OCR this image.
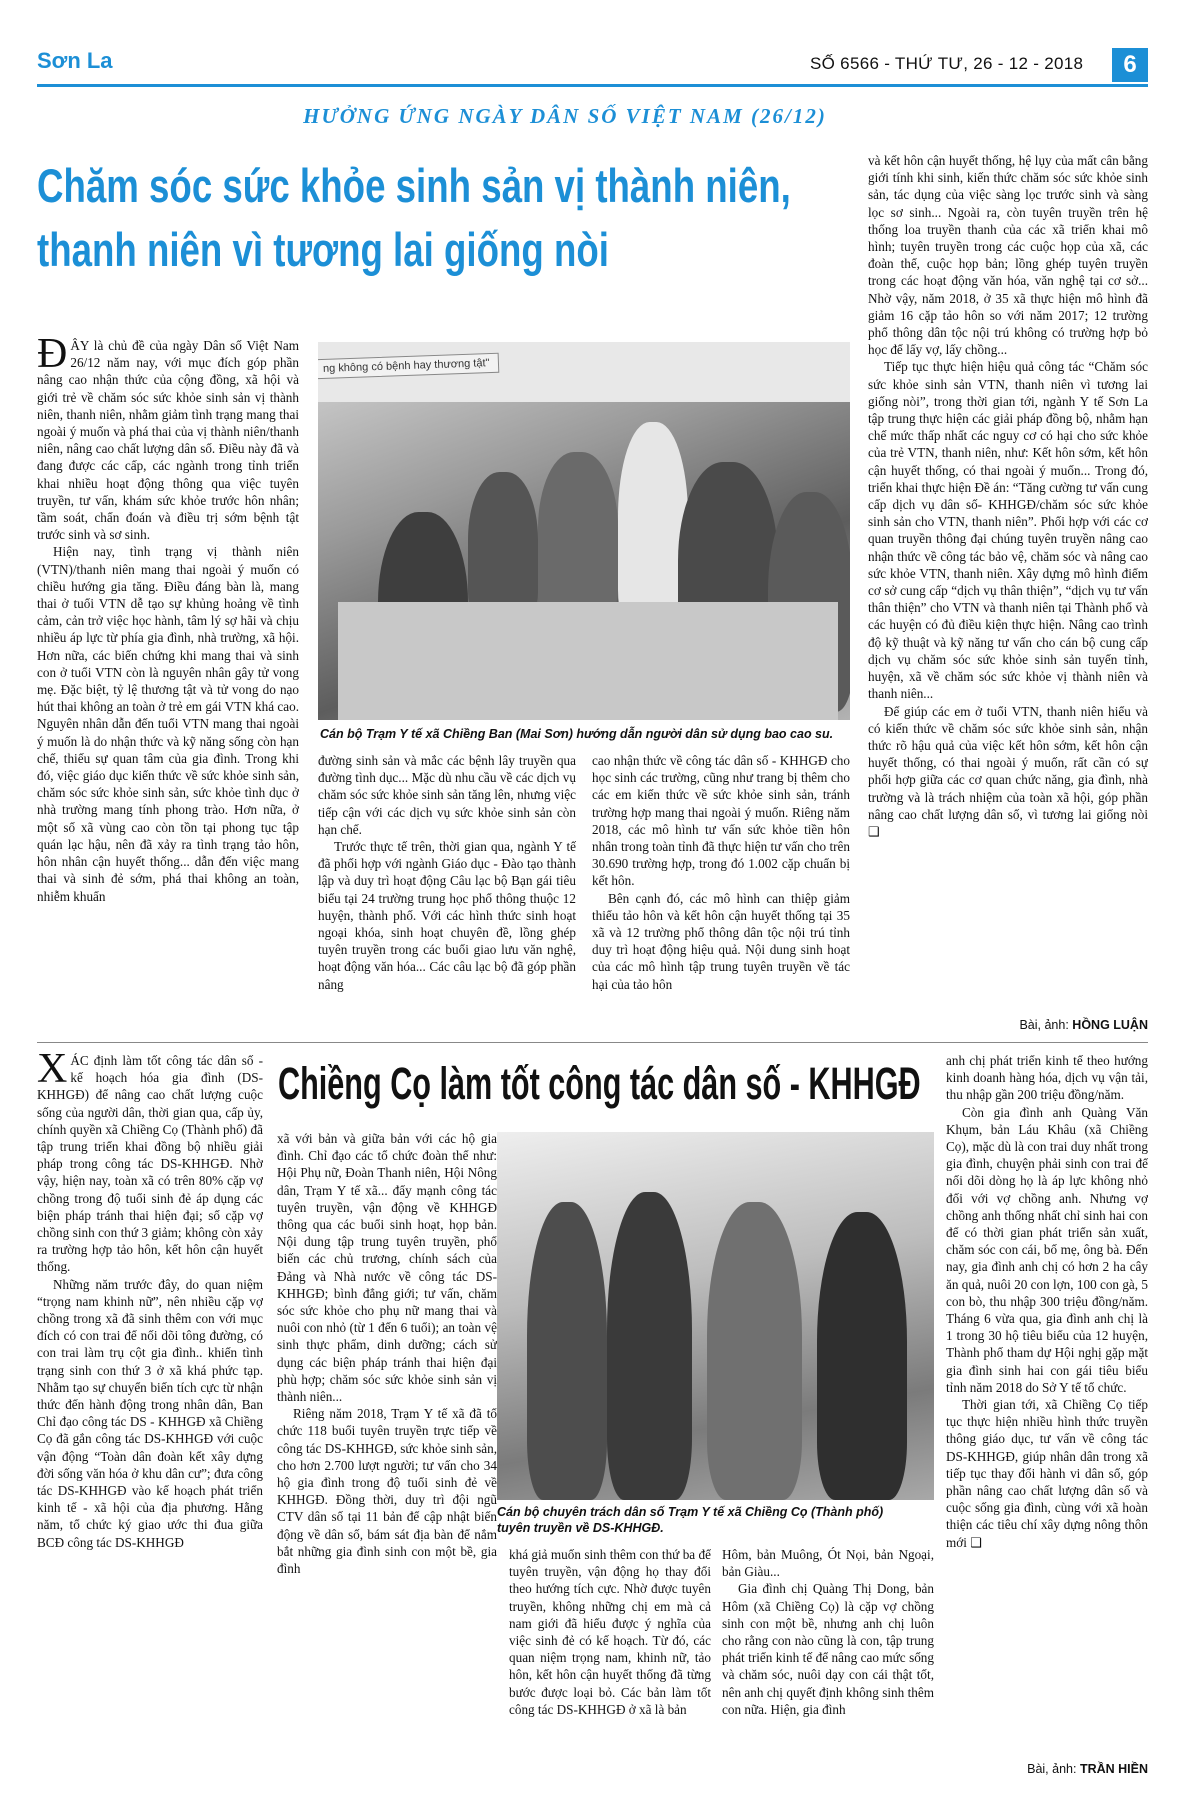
Sơn La	SỐ 6566 - THỨ TƯ, 26 - 12 - 2018	6
HƯỞNG ỨNG NGÀY DÂN SỐ VIỆT NAM (26/12)
Chăm sóc sức khỏe sinh sản vị thành niên,
thanh niên vì tương lai giống nòi

ĐÂY là chủ đề của ngày Dân số Việt Nam 26/12 năm nay, với mục đích góp phần nâng cao nhận thức của cộng đồng, xã hội và giới trẻ về chăm sóc sức khỏe sinh sản vị thành niên, thanh niên, nhằm giảm tình trạng mang thai ngoài ý muốn và phá thai của vị thành niên/thanh niên, nâng cao chất lượng dân số. Điều này đã và đang được các cấp, các ngành trong tỉnh triển khai nhiều hoạt động thông qua việc tuyên truyền, tư vấn, khám sức khỏe trước hôn nhân; tầm soát, chẩn đoán và điều trị sớm bệnh tật trước sinh và sơ sinh.

Hiện nay, tình trạng vị thành niên (VTN)/thanh niên mang thai ngoài ý muốn có chiều hướng gia tăng. Điều đáng bàn là, mang thai ở tuổi VTN dễ tạo sự khủng hoảng về tình cảm, cản trở việc học hành, tâm lý sợ hãi và chịu nhiều áp lực từ phía gia đình, nhà trường, xã hội. Hơn nữa, các biến chứng khi mang thai và sinh con ở tuổi VTN còn là nguyên nhân gây tử vong mẹ. Đặc biệt, tỷ lệ thương tật và tử vong do nạo hút thai không an toàn ở trẻ em gái VTN khá cao. Nguyên nhân dẫn đến tuổi VTN mang thai ngoài ý muốn là do nhận thức và kỹ năng sống còn hạn chế, thiếu sự quan tâm của gia đình. Trong khi đó, việc giáo dục kiến thức về sức khỏe sinh sản, chăm sóc sức khỏe sinh sản, sức khỏe tình dục ở nhà trường mang tính phong trào. Hơn nữa, ở một số xã vùng cao còn tồn tại phong tục tập quán lạc hậu, nên đã xảy ra tình trạng tảo hôn, hôn nhân cận huyết thống... dẫn đến việc mang thai và sinh đẻ sớm, phá thai không an toàn, nhiễm khuẩn

ng không có bệnh hay thương tật"
Cán bộ Trạm Y tế xã Chiềng Ban (Mai Sơn) hướng dẫn người dân sử dụng bao cao su.

đường sinh sản và mắc các bệnh lây truyền qua đường tình dục... Mặc dù nhu cầu về các dịch vụ chăm sóc sức khỏe sinh sản tăng lên, nhưng việc tiếp cận với các dịch vụ sức khỏe sinh sản còn hạn chế.

Trước thực tế trên, thời gian qua, ngành Y tế đã phối hợp với ngành Giáo dục - Đào tạo thành lập và duy trì hoạt động Câu lạc bộ Bạn gái tiêu biểu tại 24 trường trung học phổ thông thuộc 12 huyện, thành phố. Với các hình thức sinh hoạt ngoại khóa, sinh hoạt chuyên đề, lồng ghép tuyên truyền trong các buổi giao lưu văn nghệ, hoạt động văn hóa... Các câu lạc bộ đã góp phần nâng

cao nhận thức về công tác dân số - KHHGĐ cho học sinh các trường, cũng như trang bị thêm cho các em kiến thức về sức khỏe sinh sản, tránh trường hợp mang thai ngoài ý muốn. Riêng năm 2018, các mô hình tư vấn sức khỏe tiền hôn nhân trong toàn tỉnh đã thực hiện tư vấn cho trên 30.690 trường hợp, trong đó 1.002 cặp chuẩn bị kết hôn.

Bên cạnh đó, các mô hình can thiệp giảm thiểu tảo hôn và kết hôn cận huyết thống tại 35 xã và 12 trường phổ thông dân tộc nội trú tỉnh duy trì hoạt động hiệu quả. Nội dung sinh hoạt của các mô hình tập trung tuyên truyền về tác hại của tảo hôn

và kết hôn cận huyết thống, hệ lụy của mất cân bằng giới tính khi sinh, kiến thức chăm sóc sức khỏe sinh sản, tác dụng của việc sàng lọc trước sinh và sàng lọc sơ sinh... Ngoài ra, còn tuyên truyền trên hệ thống loa truyền thanh của các xã triển khai mô hình; tuyên truyền trong các cuộc họp của xã, các đoàn thể, cuộc họp bản; lồng ghép tuyên truyền trong các hoạt động văn hóa, văn nghệ tại cơ sở... Nhờ vậy, năm 2018, ở 35 xã thực hiện mô hình đã giảm 16 cặp tảo hôn so với năm 2017; 12 trường phổ thông dân tộc nội trú không có trường hợp bỏ học để lấy vợ, lấy chồng...

Tiếp tục thực hiện hiệu quả công tác “Chăm sóc sức khỏe sinh sản VTN, thanh niên vì tương lai giống nòi”, trong thời gian tới, ngành Y tế Sơn La tập trung thực hiện các giải pháp đồng bộ, nhằm hạn chế mức thấp nhất các nguy cơ có hại cho sức khỏe của trẻ VTN, thanh niên, như: Kết hôn sớm, kết hôn cận huyết thống, có thai ngoài ý muốn... Trong đó, triển khai thực hiện Đề án: “Tăng cường tư vấn cung cấp dịch vụ dân số- KHHGĐ/chăm sóc sức khỏe sinh sản cho VTN, thanh niên”. Phối hợp với các cơ quan truyền thông đại chúng tuyên truyền nâng cao nhận thức về công tác bảo vệ, chăm sóc và nâng cao sức khỏe VTN, thanh niên. Xây dựng mô hình điểm cơ sở cung cấp “dịch vụ thân thiện”, “dịch vụ tư vấn thân thiện” cho VTN và thanh niên tại Thành phố và các huyện có đủ điều kiện thực hiện. Nâng cao trình độ kỹ thuật và kỹ năng tư vấn cho cán bộ cung cấp dịch vụ chăm sóc sức khỏe sinh sản tuyến tỉnh, huyện, xã về chăm sóc sức khỏe vị thành niên và thanh niên...

Để giúp các em ở tuổi VTN, thanh niên hiểu và có kiến thức về chăm sóc sức khỏe sinh sản, nhận thức rõ hậu quả của việc kết hôn sớm, kết hôn cận huyết thống, có thai ngoài ý muốn, rất cần có sự phối hợp giữa các cơ quan chức năng, gia đình, nhà trường và là trách nhiệm của toàn xã hội, góp phần nâng cao chất lượng dân số, vì tương lai giống nòi ❑

Bài, ảnh: HỒNG LUẬN

XÁC định làm tốt công tác dân số - kế hoạch hóa gia đình (DS-KHHGĐ) để nâng cao chất lượng cuộc sống của người dân, thời gian qua, cấp ủy, chính quyền xã Chiềng Cọ (Thành phố) đã tập trung triển khai đồng bộ nhiều giải pháp trong công tác DS-KHHGĐ. Nhờ vậy, hiện nay, toàn xã có trên 80% cặp vợ chồng trong độ tuổi sinh đẻ áp dụng các biện pháp tránh thai hiện đại; số cặp vợ chồng sinh con thứ 3 giảm; không còn xảy ra trường hợp tảo hôn, kết hôn cận huyết thống.

Những năm trước đây, do quan niệm “trọng nam khinh nữ”, nên nhiều cặp vợ chồng trong xã đã sinh thêm con với mục đích có con trai để nối dõi tông đường, có con trai làm trụ cột gia đình.. khiến tình trạng sinh con thứ 3 ở xã khá phức tạp. Nhằm tạo sự chuyển biến tích cực từ nhận thức đến hành động trong nhân dân, Ban Chỉ đạo công tác DS - KHHGĐ xã Chiềng Cọ đã gắn công tác DS-KHHGĐ với cuộc vận động “Toàn dân đoàn kết xây dựng đời sống văn hóa ở khu dân cư”; đưa công tác DS-KHHGĐ vào kế hoạch phát triển kinh tế - xã hội của địa phương. Hằng năm, tổ chức ký giao ước thi đua giữa BCĐ công tác DS-KHHGĐ

Chiềng Cọ làm tốt công tác dân số - KHHGĐ

xã với bản và giữa bản với các hộ gia đình. Chỉ đạo các tổ chức đoàn thể như: Hội Phụ nữ, Đoàn Thanh niên, Hội Nông dân, Trạm Y tế xã... đẩy mạnh công tác tuyên truyền, vận động về KHHGĐ thông qua các buổi sinh hoạt, họp bản. Nội dung tập trung tuyên truyền, phổ biến các chủ trương, chính sách của Đảng và Nhà nước về công tác DS-KHHGĐ; bình đẳng giới; tư vấn, chăm sóc sức khỏe cho phụ nữ mang thai và nuôi con nhỏ (từ 1 đến 6 tuổi); an toàn vệ sinh thực phẩm, dinh dưỡng; cách sử dụng các biện pháp tránh thai hiện đại phù hợp; chăm sóc sức khỏe sinh sản vị thành niên...

Riêng năm 2018, Trạm Y tế xã đã tổ chức 118 buổi tuyên truyền trực tiếp về công tác DS-KHHGĐ, sức khỏe sinh sản, cho hơn 2.700 lượt người; tư vấn cho 34 hộ gia đình trong độ tuổi sinh đẻ về KHHGĐ. Đồng thời, duy trì đội ngũ CTV dân số tại 11 bản để cập nhật biến động về dân số, bám sát địa bàn để nắm bắt những gia đình sinh con một bề, gia đình

Cán bộ chuyên trách dân số Trạm Y tế xã Chiềng Cọ (Thành phố)
tuyên truyền về DS-KHHGĐ.

khá giả muốn sinh thêm con thứ ba để tuyên truyền, vận động họ thay đổi theo hướng tích cực. Nhờ được tuyên truyền, không những chị em mà cả nam giới đã hiểu được ý nghĩa của việc sinh đẻ có kế hoạch. Từ đó, các quan niệm trọng nam, khinh nữ, tảo hôn, kết hôn cận huyết thống đã từng bước được loại bỏ. Các bản làm tốt công tác DS-KHHGĐ ở xã là bản

Hôm, bản Muông, Ót Nọi, bản Ngoại, bản Giàu...

Gia đình chị Quàng Thị Dong, bản Hôm (xã Chiềng Cọ) là cặp vợ chồng sinh con một bề, nhưng anh chị luôn cho rằng con nào cũng là con, tập trung phát triển kinh tế để nâng cao mức sống và chăm sóc, nuôi dạy con cái thật tốt, nên anh chị quyết định không sinh thêm con nữa. Hiện, gia đình

anh chị phát triển kinh tế theo hướng kinh doanh hàng hóa, dịch vụ vận tải, thu nhập gần 200 triệu đồng/năm.

Còn gia đình anh Quàng Văn Khụm, bản Láu Khâu (xã Chiềng Cọ), mặc dù là con trai duy nhất trong gia đình, chuyện phải sinh con trai để nối dõi dòng họ là áp lực không nhỏ đối với vợ chồng anh. Nhưng vợ chồng anh thống nhất chỉ sinh hai con để có thời gian phát triển sản xuất, chăm sóc con cái, bố mẹ, ông bà. Đến nay, gia đình anh chị có hơn 2 ha cây ăn quả, nuôi 20 con lợn, 100 con gà, 5 con bò, thu nhập 300 triệu đồng/năm. Tháng 6 vừa qua, gia đình anh chị là 1 trong 30 hộ tiêu biểu của 12 huyện, Thành phố tham dự Hội nghị gặp mặt gia đình sinh hai con gái tiêu biểu tỉnh năm 2018 do Sở Y tế tổ chức.

Thời gian tới, xã Chiềng Cọ tiếp tục thực hiện nhiều hình thức truyền thông giáo dục, tư vấn về công tác DS-KHHGĐ, giúp nhân dân trong xã tiếp tục thay đổi hành vi dân số, góp phần nâng cao chất lượng dân số và cuộc sống gia đình, cùng với xã hoàn thiện các tiêu chí xây dựng nông thôn mới ❑

Bài, ảnh: TRẦN HIỀN
